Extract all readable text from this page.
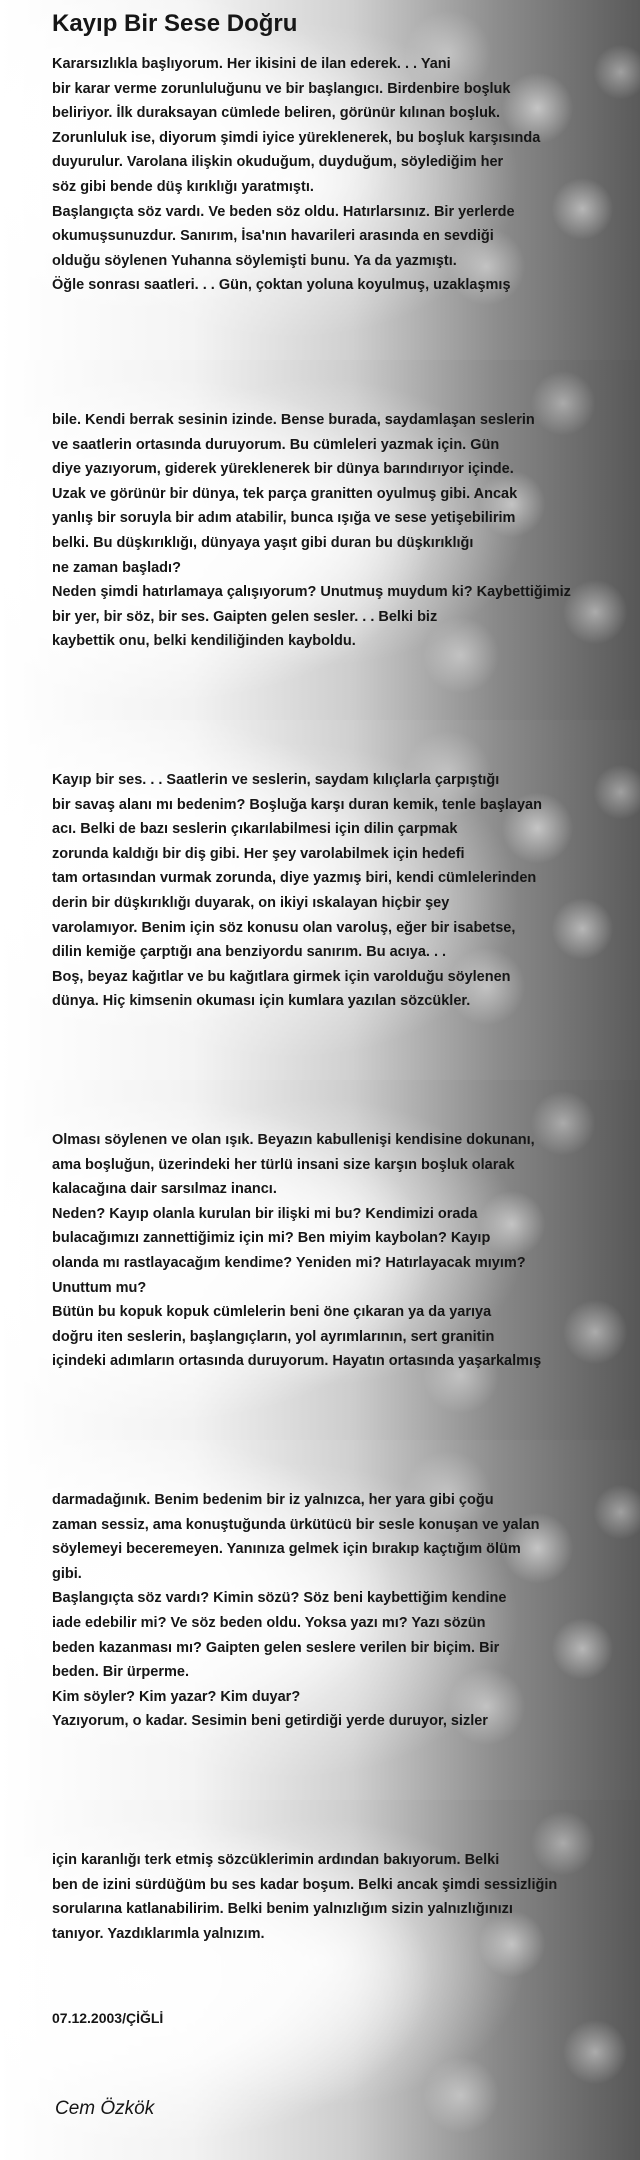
Kayıp Bir Sese Doğru
Kararsızlıkla başlıyorum. Her ikisini de ilan ederek. . . Yani
bir karar verme zorunluluğunu ve bir başlangıcı. Birdenbire boşluk
beliriyor. İlk duraksayan cümlede beliren, görünür kılınan boşluk.
Zorunluluk ise, diyorum şimdi iyice yüreklenerek, bu boşluk karşısında
duyurulur. Varolana ilişkin okuduğum, duyduğum, söylediğim her
söz gibi bende düş kırıklığı yaratmıştı.
Başlangıçta söz vardı. Ve beden söz oldu. Hatırlarsınız. Bir yerlerde
okumuşsunuzdur. Sanırım, İsa'nın havarileri arasında en sevdiği
olduğu söylenen Yuhanna söylemişti bunu. Ya da yazmıştı.
Öğle sonrası saatleri. . . Gün, çoktan yoluna koyulmuş, uzaklaşmış
bile. Kendi berrak sesinin izinde. Bense burada, saydamlaşan seslerin
ve saatlerin ortasında duruyorum. Bu cümleleri yazmak için. Gün
diye yazıyorum, giderek yüreklenerek bir dünya barındırıyor içinde.
Uzak ve görünür bir dünya, tek parça granitten oyulmuş gibi. Ancak
yanlış bir soruyla bir adım atabilir, bunca ışığa ve sese yetişebilirim
belki. Bu düşkırıklığı, dünyaya yaşıt gibi duran bu düşkırıklığı
ne zaman başladı?
Neden şimdi hatırlamaya çalışıyorum? Unutmuş muydum ki? Kaybettiğimiz
bir yer, bir söz, bir ses. Gaipten gelen sesler. . . Belki biz
kaybettik onu, belki kendiliğinden kayboldu.
Kayıp bir ses. . . Saatlerin ve seslerin, saydam kılıçlarla çarpıştığı
bir savaş alanı mı bedenim? Boşluğa karşı duran kemik, tenle başlayan
acı. Belki de bazı seslerin çıkarılabilmesi için dilin çarpmak
zorunda kaldığı bir diş gibi. Her şey varolabilmek için hedefi
tam ortasından vurmak zorunda, diye yazmış biri, kendi cümlelerinden
derin bir düşkırıklığı duyarak, on ikiyi ıskalayan hiçbir şey
varolamıyor. Benim için söz konusu olan varoluş, eğer bir isabetse,
dilin kemiğe çarptığı ana benziyordu sanırım. Bu acıya. . .
Boş, beyaz kağıtlar ve bu kağıtlara girmek için varolduğu söylenen
dünya. Hiç kimsenin okuması için kumlara yazılan sözcükler.
Olması söylenen ve olan ışık. Beyazın kabullenişi kendisine dokunanı,
ama boşluğun, üzerindeki her türlü insani size karşın boşluk olarak
kalacağına dair sarsılmaz inancı.
Neden? Kayıp olanla kurulan bir ilişki mi bu? Kendimizi orada
bulacağımızı zannettiğimiz için mi? Ben miyim kaybolan? Kayıp
olanda mı rastlayacağım kendime? Yeniden mi? Hatırlayacak mıyım?
Unuttum mu?
Bütün bu kopuk kopuk cümlelerin beni öne çıkaran ya da yarıya
doğru iten seslerin, başlangıçların, yol ayrımlarının, sert granitin
içindeki adımların ortasında duruyorum. Hayatın ortasında yaşarkalmış
darmadağınık. Benim bedenim bir iz yalnızca, her yara gibi çoğu
zaman sessiz, ama konuştuğunda ürkütücü bir sesle konuşan ve yalan
söylemeyi beceremeyen. Yanınıza gelmek için bırakıp kaçtığım ölüm
gibi.
Başlangıçta söz vardı? Kimin sözü? Söz beni kaybettiğim kendine
iade edebilir mi? Ve söz beden oldu. Yoksa yazı mı? Yazı sözün
beden kazanması mı? Gaipten gelen seslere verilen bir biçim. Bir
beden. Bir ürperme.
Kim söyler? Kim yazar? Kim duyar?
Yazıyorum, o kadar. Sesimin beni getirdiği yerde duruyor, sizler
için karanlığı terk etmiş sözcüklerimin ardından bakıyorum. Belki
ben de izini sürdüğüm bu ses kadar boşum. Belki ancak şimdi sessizliğin
sorularına katlanabilirim. Belki benim yalnızlığım sizin yalnızlığınızı
tanıyor. Yazdıklarımla yalnızım.
07.12.2003/ÇİĞLİ
Cem Özkök
